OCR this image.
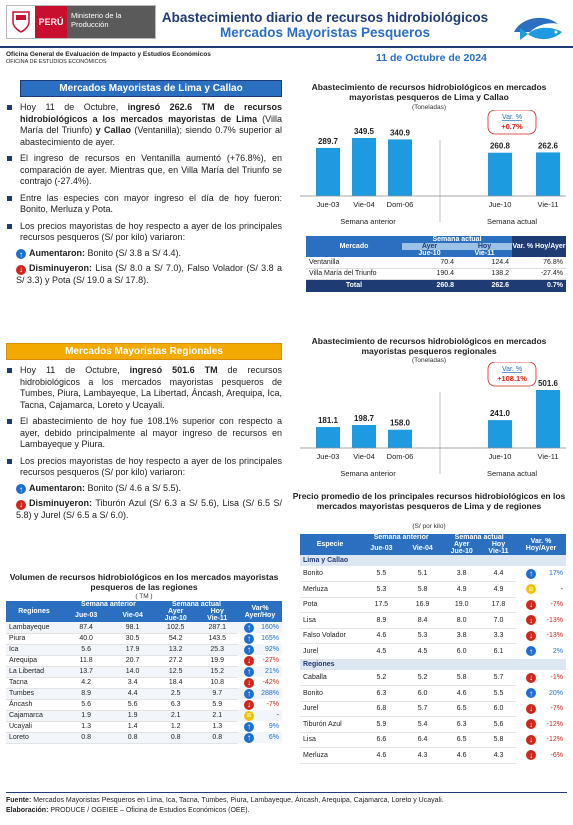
PERÚ
Ministerio de la Producción	Abastecimiento diario de recursos hidrobiológicos
Mercados Mayoristas Pesqueros
Oficina General de Evaluación de Impacto y Estudios Económicos
OFICINA DE ESTUDIOS ECONÓMICOS	11 de Octubre de 2024
Mercados Mayoristas de Lima y Callao
Hoy 11 de Octubre, ingresó 262.6 TM de recursos hidrobiológicos a los mercados mayoristas de Lima (Villa María del Triunfo) y Callao (Ventanilla); siendo 0.7% superior al abastecimiento de ayer.
El ingreso de recursos en Ventanilla aumentó (+76.8%), en comparación de ayer. Mientras que, en Villa María del Triunfo se contrajo (-27.4%).
Entre las especies con mayor ingreso el día de hoy fueron: Bonito, Merluza y Pota.
Los precios mayoristas de hoy respecto a ayer de los principales recursos pesqueros (S/ por kilo) variaron:
↑ Aumentaron: Bonito (S/ 3.8 a S/ 4.4).
↓ Disminuyeron: Lisa (S/ 8.0 a S/ 7.0), Falso Volador (S/ 3.8 a S/ 3.3) y Pota (S/ 19.0 a S/ 17.8).
Mercados Mayoristas Regionales
Hoy 11 de Octubre, ingresó 501.6 TM de recursos hidrobiológicos a los mercados mayoristas pesqueros de Tumbes, Piura, Lambayeque, La Libertad, Áncash, Arequipa, Ica, Tacna, Cajamarca, Loreto y Ucayali.
El abastecimiento de hoy fue 108.1% superior con respecto a ayer, debido principalmente al mayor ingreso de recursos en Lambayeque y Piura.
Los precios mayoristas de hoy respecto a ayer de los principales recursos pesqueros (S/ por kilo) variaron:
↑ Aumentaron: Bonito (S/ 4.6 a S/ 5.5).
↓ Disminuyeron: Tiburón Azul (S/ 6.3 a S/ 5.6), Lisa (S/ 6.5 S/ 5.8) y Jurel (S/ 6.5 a S/ 6.0).
Volumen de recursos hidrobiológicos en los mercados mayoristas pesqueros de las regiones
( TM )
Regiones	Semana anterior		Semana actual		Var% Ayer/Hoy
	Jue-03	Vie-04	Ayer	Hoy	
			Jue-10	Vie-11	
Lambayeque	87.4	98.1	102.5	287.1	↑ 160%
Piura	40.0	30.5	54.2	143.5	↑ 165%
Ica	5.6	17.9	13.2	25.3	↑ 92%
Arequipa	11.8	20.7	27.2	19.9	↓ -27%
La Libertad	13.7	14.0	12.5	15.2	↑ 21%
Tacna	4.2	3.4	18.4	10.8	↓ -42%
Tumbes	8.9	4.4	2.5	9.7	↑ 288%
Áncash	5.6	5.6	6.3	5.9	↓ -7%
Cajamarca	1.9	1.9	2.1	2.1	= -
Ucayali	1.3	1.4	1.2	1.3	↑ 9%
Loreto	0.8	0.8	0.8	0.8	↑ 6%
Abastecimiento de recursos hidrobiológicos en mercados mayoristas pesqueros de Lima y Callao
(Toneladas)
289.7
Jue-03
349.5
Vie-04
340.9
Dom-06
260.8
Jue-10
262.6
Vie-11
Semana anterior	Semana actual
Var. %
+0.7%
Mercado	Semana actual		Var. % Hoy/Ayer
	Ayer	Hoy	
	Jue-10	Vie-11	
Ventanilla	70.4	124.4	76.8%
Villa María del Triunfo	190.4	138.2	-27.4%
Total	260.8	262.6	0.7%
Abastecimiento de recursos hidrobiológicos en mercados mayoristas pesqueros regionales
(Toneladas)
181.1
Jue-03
198.7
Vie-04
158.0
Dom-06
241.0
Jue-10
501.6
Vie-11
Semana anterior	Semana actual
Var. %
+108.1%
Precio promedio de los principales recursos hidrobiológicos en los mercados mayoristas pesqueros de Lima y de regiones
(S/ por kilo)
Especie	Semana anterior		Semana actual		Var. % Hoy/Ayer
	Jue-03	Vie-04	Ayer	Hoy	
			Jue-10	Vie-11	
Lima y Callao					
Bonito	5.5	5.1	3.8	4.4	↑ 17%
Merluza	5.3	5.8	4.9	4.9	= -
Pota	17.5	16.9	19.0	17.8	↓ -7%
Lisa	8.9	8.4	8.0	7.0	↓ -13%
Falso Volador	4.6	5.3	3.8	3.3	↓ -13%
Jurel	4.5	4.5	6.0	6.1	↑ 2%
Regiones					
Caballa	5.2	5.2	5.8	5.7	↓ -1%
Bonito	6.3	6.0	4.6	5.5	↑ 20%
Jurel	6.8	5.7	6.5	6.0	↓ -7%
Tiburón Azul	5.9	5.4	6.3	5.6	↓ -12%
Lisa	6.6	6.4	6.5	5.8	↓ -12%
Merluza	4.6	4.3	4.6	4.3	↓ -6%
Fuente: Mercados Mayoristas Pesqueros en Lima, Ica, Tacna, Tumbes, Piura, Lambayeque, Áncash, Arequipa, Cajamarca, Loreto y Ucayali.
Elaboración: PRODUCE / OGEIEE – Oficina de Estudios Económicos (OEE).
